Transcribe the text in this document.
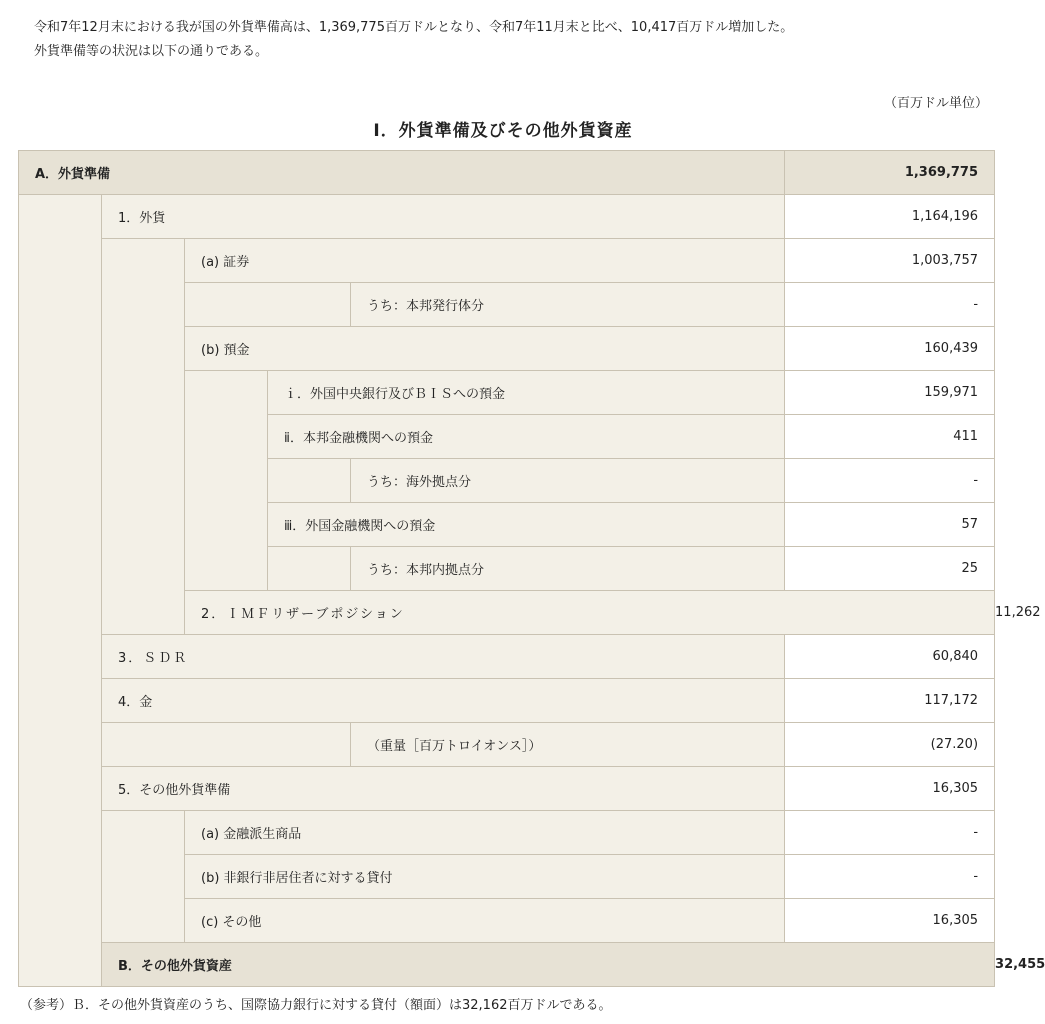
令和7年12月末における我が国の外貨準備高は、1,369,775百万ドルとなり、令和7年11月末と比べ、10,417百万ドル増加した。
外貨準備等の状況は以下の通りである。
（百万ドル単位）
Ⅰ．外貨準備及びその他外貨資産
A．外貨準備					1,369,775	
	1．外貨				1,164,196	
		(a) 証券			1,003,757	
				うち：本邦発行体分	-	
		(b) 預金			160,439	
			ｉ．外国中央銀行及びＢＩＳへの預金		159,971	
			ⅱ．本邦金融機関への預金		411	
				うち：海外拠点分	-	
			ⅲ．外国金融機関への預金		57	
				うち：本邦内拠点分	25	
		2．ＩＭＦリザーブポジション				11,262
	3．ＳＤＲ				60,840	
	4．金				117,172	
				（重量［百万トロイオンス］）	(27.20)	
	5．その他外貨準備				16,305	
		(a) 金融派生商品			-	
		(b) 非銀行非居住者に対する貸付			-	
		(c) その他			16,305	
	B．その他外貨資産					32,455
（参考）Ｂ．その他外貨資産のうち、国際協力銀行に対する貸付（額面）は32,162百万ドルである。
